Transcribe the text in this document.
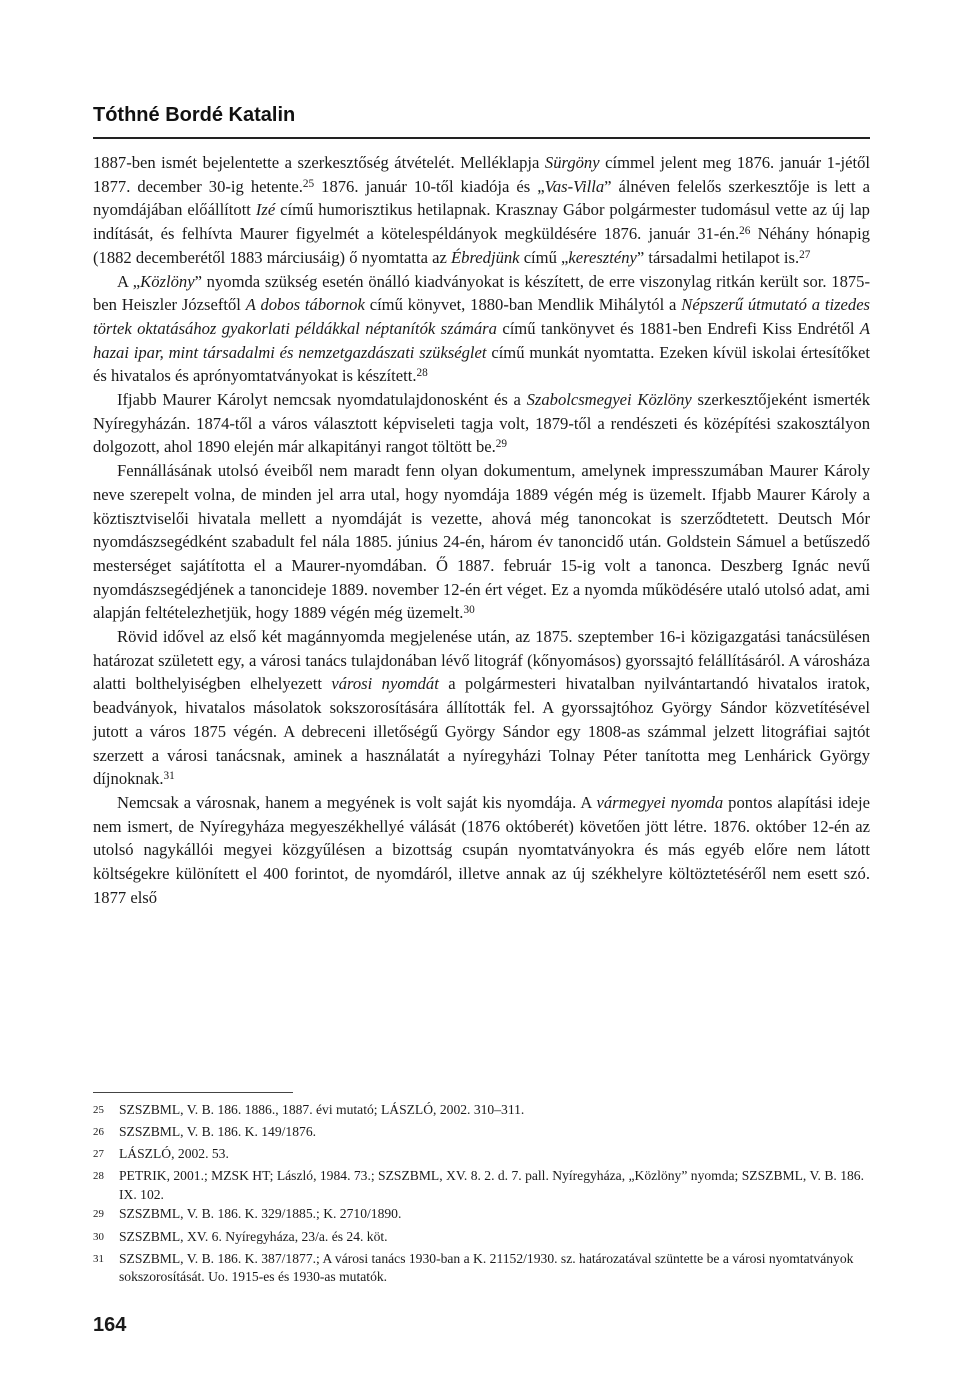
Tóthné Bordé Katalin

1887-ben ismét bejelentette a szerkesztőség átvételét. Melléklapja Sürgöny címmel jelent meg 1876. január 1-jétől 1877. december 30-ig hetente.$^{25}$ 1876. január 10-től kiadója és „Vas-Villa” álnéven felelős szerkesztője is lett a nyomdájában előállított Izé című humorisztikus hetilapnak. Krasznay Gábor polgármester tudomásul vette az új lap indítását, és felhívta Maurer figyelmét a kötelespéldányok megküldésére 1876. január 31-én.$^{26}$ Néhány hónapig (1882 decemberétől 1883 márciusáig) ő nyomtatta az Ébredjünk című „keresztény” társadalmi hetilapot is.$^{27}$

A „Közlöny” nyomda szükség esetén önálló kiadványokat is készített, de erre viszonylag ritkán került sor. 1875-ben Heiszler Józseftől A dobos tábornok című könyvet, 1880-ban Mendlik Mihálytól a Népszerű útmutató a tizedes törtek oktatásához gyakorlati példákkal néptanítók számára című tankönyvet és 1881-ben Endrefi Kiss Endrétől A hazai ipar, mint társadalmi és nemzetgazdászati szükséglet című munkát nyomtatta. Ezeken kívül iskolai értesítőket és hivatalos és aprónyomtatványokat is készített.$^{28}$

Ifjabb Maurer Károlyt nemcsak nyomdatulajdonosként és a Szabolcsmegyei Közlöny szerkesztőjeként ismerték Nyíregyházán. 1874-től a város választott képviseleti tagja volt, 1879-től a rendészeti és középítési szakosztályon dolgozott, ahol 1890 elején már alkapitányi rangot töltött be.$^{29}$

Fennállásának utolsó éveiből nem maradt fenn olyan dokumentum, amelynek impresszumában Maurer Károly neve szerepelt volna, de minden jel arra utal, hogy nyomdája 1889 végén még is üzemelt. Ifjabb Maurer Károly a köztisztviselői hivatala mellett a nyomdáját is vezette, ahová még tanoncokat is szerződtetett. Deutsch Mór nyomdászsegédként szabadult fel nála 1885. június 24-én, három év tanoncidő után. Goldstein Sámuel a betűszedő mesterséget sajátította el a Maurer-nyomdában. Ő 1887. február 15-ig volt a tanonca. Deszberg Ignác nevű nyomdászsegédjének a tanoncideje 1889. november 12-én ért véget. Ez a nyomda működésére utaló utolsó adat, ami alapján feltételezhetjük, hogy 1889 végén még üzemelt.$^{30}$

Rövid idővel az első két magánnyomda megjelenése után, az 1875. szeptember 16-i közigazgatási tanácsülésen határozat született egy, a városi tanács tulajdonában lévő litográf (kőnyomásos) gyorssajtó felállításáról. A városháza alatti bolthelyiségben elhelyezett városi nyomdát a polgármesteri hivatalban nyilvántartandó hivatalos iratok, beadványok, hivatalos másolatok sokszorosítására állították fel. A gyorssajtóhoz György Sándor közvetítésével jutott a város 1875 végén. A debreceni illetőségű György Sándor egy 1808-as számmal jelzett litográfiai sajtót szerzett a városi tanácsnak, aminek a használatát a nyíregyházi Tolnay Péter tanította meg Lenhárick György díjnoknak.$^{31}$

Nemcsak a városnak, hanem a megyének is volt saját kis nyomdája. A vármegyei nyomda pontos alapítási ideje nem ismert, de Nyíregyháza megyeszékhellyé válását (1876 októberét) követően jött létre. 1876. október 12-én az utolsó nagykállói megyei közgyűlésen a bizottság csupán nyomtatványokra és más egyéb előre nem látott költségekre különített el 400 forintot, de nyomdáról, illetve annak az új székhelyre költöztetéséről nem esett szó. 1877 első

$^{25}$	SZSZBML, V. B. 186. 1886., 1887. évi mutató; LÁSZLÓ, 2002. 310–311.
$^{26}$	SZSZBML, V. B. 186. K. 149/1876.
$^{27}$	LÁSZLÓ, 2002. 53.
$^{28}$	PETRIK, 2001.; MZSK HT; László, 1984. 73.; SZSZBML, XV. 8. 2. d. 7. pall. Nyíregyháza, „Közlöny” nyomda; SZSZBML, V. B. 186. IX. 102.
$^{29}$	SZSZBML, V. B. 186. K. 329/1885.; K. 2710/1890.
$^{30}$	SZSZBML, XV. 6. Nyíregyháza, 23/a. és 24. köt.
$^{31}$	SZSZBML, V. B. 186. K. 387/1877.; A városi tanács 1930-ban a K. 21152/1930. sz. határozatával szüntette be a városi nyomtatványok sokszorosítását. Uo. 1915-es és 1930-as mutatók.
164
